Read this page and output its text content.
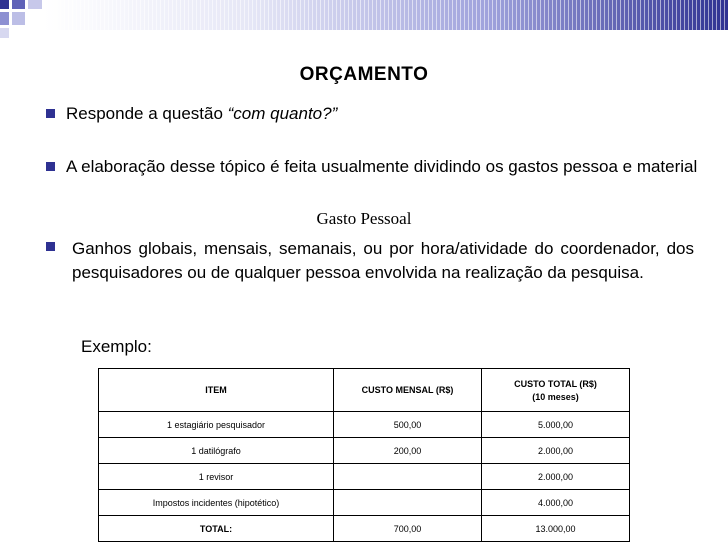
ORÇAMENTO
Responde a questão “com quanto?”
A elaboração desse tópico é feita usualmente dividindo os gastos pessoa e material
Gasto Pessoal
Ganhos globais, mensais, semanais, ou por hora/atividade do coordenador, dos pesquisadores ou de qualquer pessoa envolvida na realização da pesquisa.
Exemplo:
ITEM	CUSTO MENSAL (R$)	CUSTO TOTAL (R$)
(10 meses)

1 estagiário pesquisador	500,00	5.000,00
1 datilógrafo	200,00	2.000,00
1 revisor		2.000,00
Impostos incidentes (hipotético)		4.000,00
TOTAL:	700,00	13.000,00
